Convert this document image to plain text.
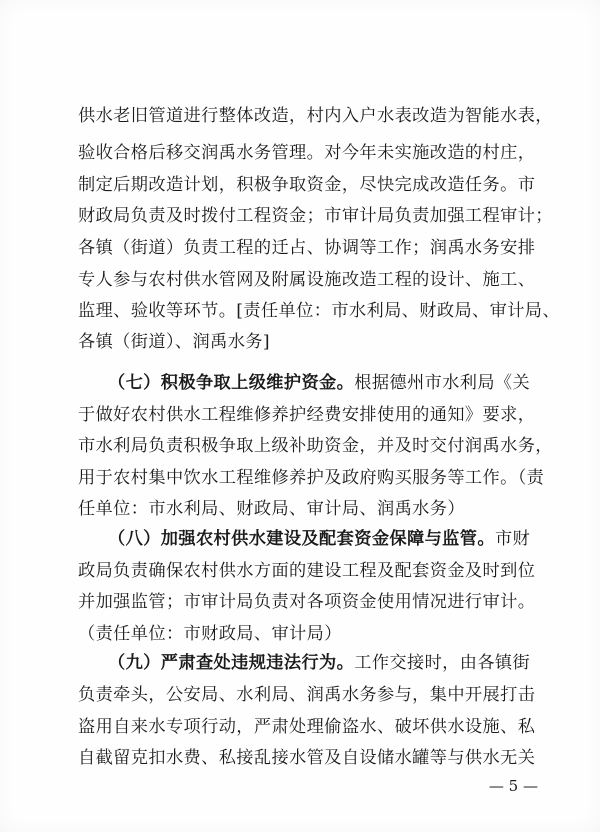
供水老旧管道进行整体改造，村内入户水表改造为智能水表，
验收合格后移交润禹水务管理。对今年未实施改造的村庄，
制定后期改造计划，积极争取资金，尽快完成改造任务。市
财政局负责及时拨付工程资金；市审计局负责加强工程审计；
各镇（街道）负责工程的迁占、协调等工作；润禹水务安排
专人参与农村供水管网及附属设施改造工程的设计、施工、
监理、验收等环节。[责任单位：市水利局、财政局、审计局、
各镇（街道）、润禹水务]
（七）积极争取上级维护资金。根据德州市水利局《关
于做好农村供水工程维修养护经费安排使用的通知》要求，
市水利局负责积极争取上级补助资金，并及时交付润禹水务，
用于农村集中饮水工程维修养护及政府购买服务等工作。（责
任单位：市水利局、财政局、审计局、润禹水务）
（八）加强农村供水建设及配套资金保障与监管。市财
政局负责确保农村供水方面的建设工程及配套资金及时到位
并加强监管；市审计局负责对各项资金使用情况进行审计。
（责任单位：市财政局、审计局）
（九）严肃查处违规违法行为。工作交接时，由各镇街
负责牵头，公安局、水利局、润禹水务参与，集中开展打击
盗用自来水专项行动，严肃处理偷盗水、破坏供水设施、私
自截留克扣水费、私接乱接水管及自设储水罐等与供水无关
— 5 —
